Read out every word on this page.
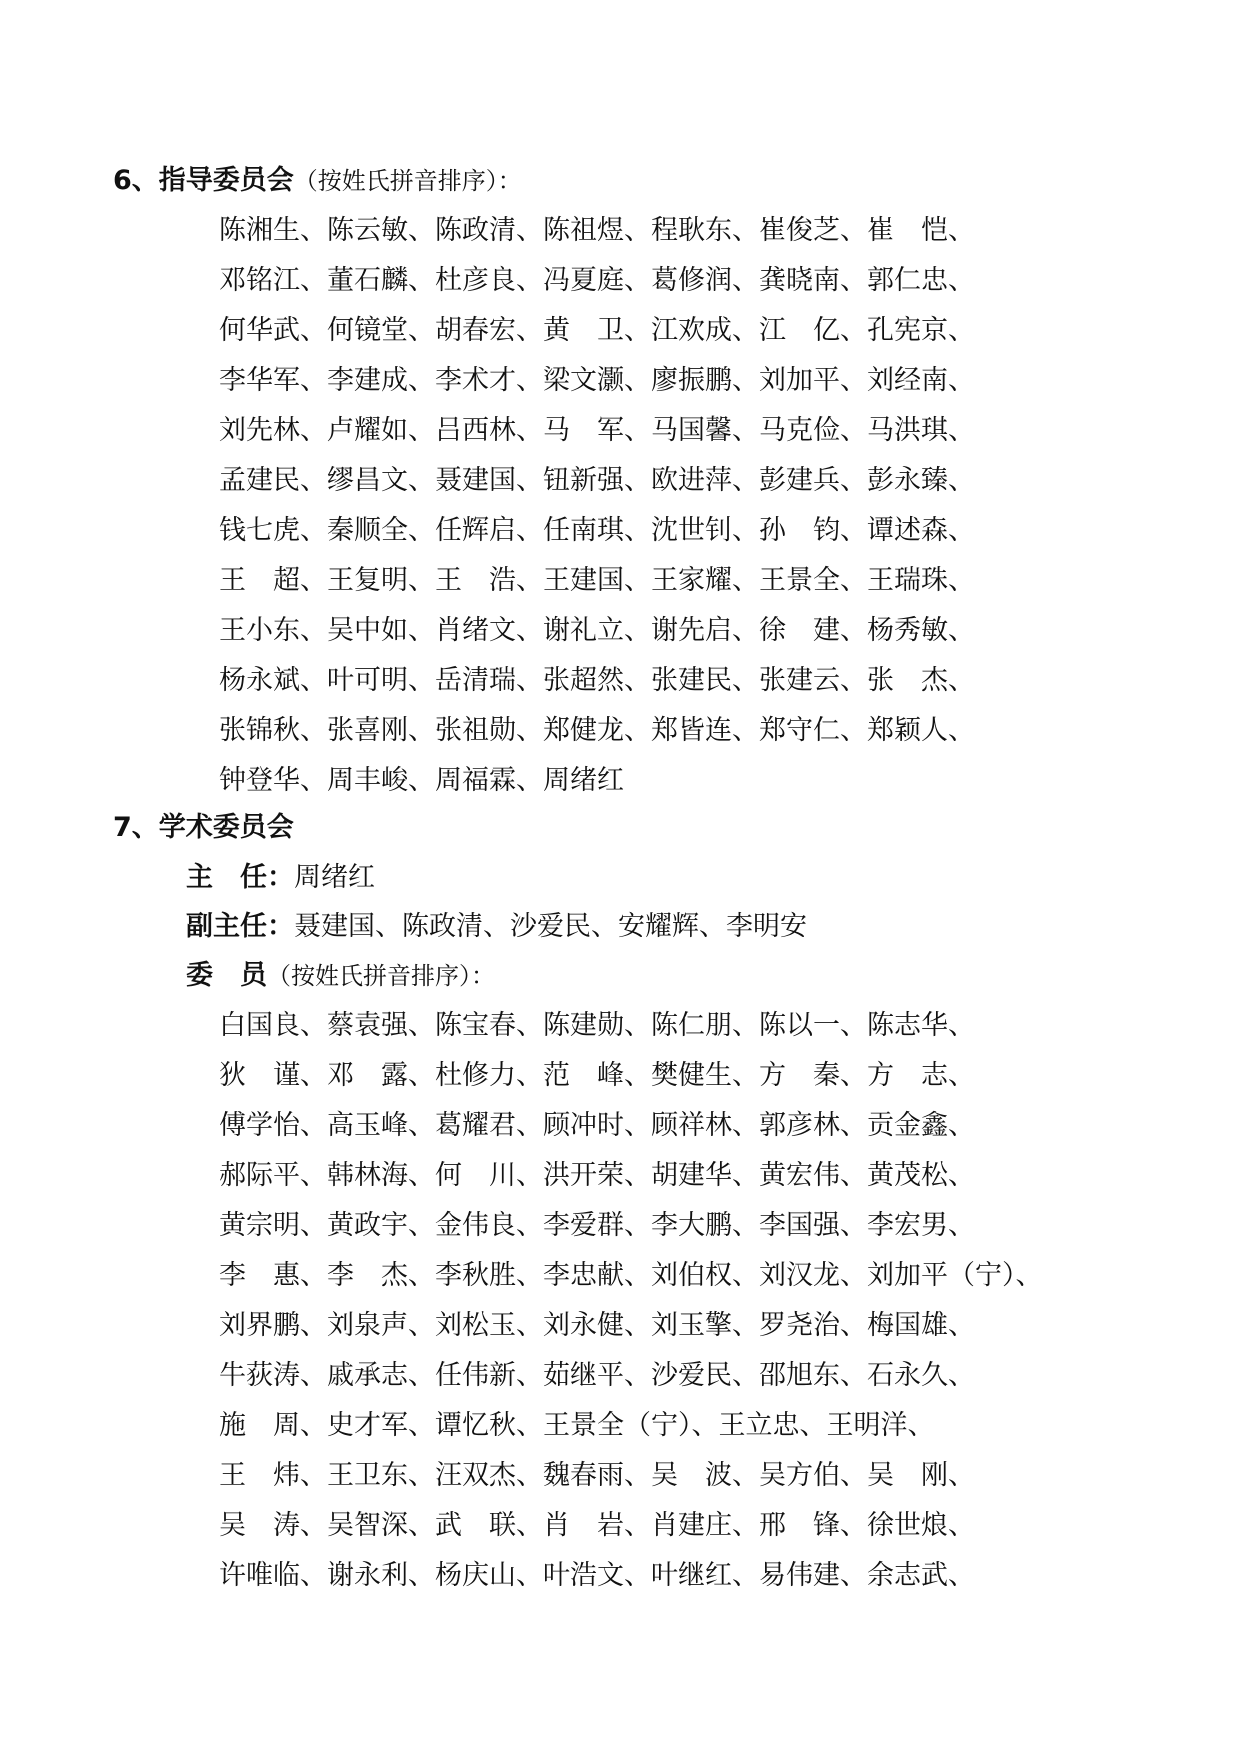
6、指导委员会（按姓氏拼音排序）：
陈湘生、陈云敏、陈政清、陈祖煜、程耿东、崔俊芝、崔　恺、
邓铭江、董石麟、杜彦良、冯夏庭、葛修润、龚晓南、郭仁忠、
何华武、何镜堂、胡春宏、黄　卫、江欢成、江　亿、孔宪京、
李华军、李建成、李术才、梁文灏、廖振鹏、刘加平、刘经南、
刘先林、卢耀如、吕西林、马　军、马国馨、马克俭、马洪琪、
孟建民、缪昌文、聂建国、钮新强、欧进萍、彭建兵、彭永臻、
钱七虎、秦顺全、任辉启、任南琪、沈世钊、孙　钧、谭述森、
王　超、王复明、王　浩、王建国、王家耀、王景全、王瑞珠、
王小东、吴中如、肖绪文、谢礼立、谢先启、徐　建、杨秀敏、
杨永斌、叶可明、岳清瑞、张超然、张建民、张建云、张　杰、
张锦秋、张喜刚、张祖勋、郑健龙、郑皆连、郑守仁、郑颖人、
钟登华、周丰峻、周福霖、周绪红
7、学术委员会
主　任：周绪红
副主任：聂建国、陈政清、沙爱民、安耀辉、李明安
委　员（按姓氏拼音排序）：
白国良、蔡袁强、陈宝春、陈建勋、陈仁朋、陈以一、陈志华、
狄　谨、邓　露、杜修力、范　峰、樊健生、方　秦、方　志、
傅学怡、高玉峰、葛耀君、顾冲时、顾祥林、郭彦林、贡金鑫、
郝际平、韩林海、何　川、洪开荣、胡建华、黄宏伟、黄茂松、
黄宗明、黄政宇、金伟良、李爱群、李大鹏、李国强、李宏男、
李　惠、李　杰、李秋胜、李忠献、刘伯权、刘汉龙、刘加平（宁）、
刘界鹏、刘泉声、刘松玉、刘永健、刘玉擎、罗尧治、梅国雄、
牛荻涛、戚承志、任伟新、茹继平、沙爱民、邵旭东、石永久、
施　周、史才军、谭忆秋、王景全（宁）、王立忠、王明洋、
王　炜、王卫东、汪双杰、魏春雨、吴　波、吴方伯、吴　刚、
吴　涛、吴智深、武　联、肖　岩、肖建庄、邢　锋、徐世烺、
许唯临、谢永利、杨庆山、叶浩文、叶继红、易伟建、余志武、
